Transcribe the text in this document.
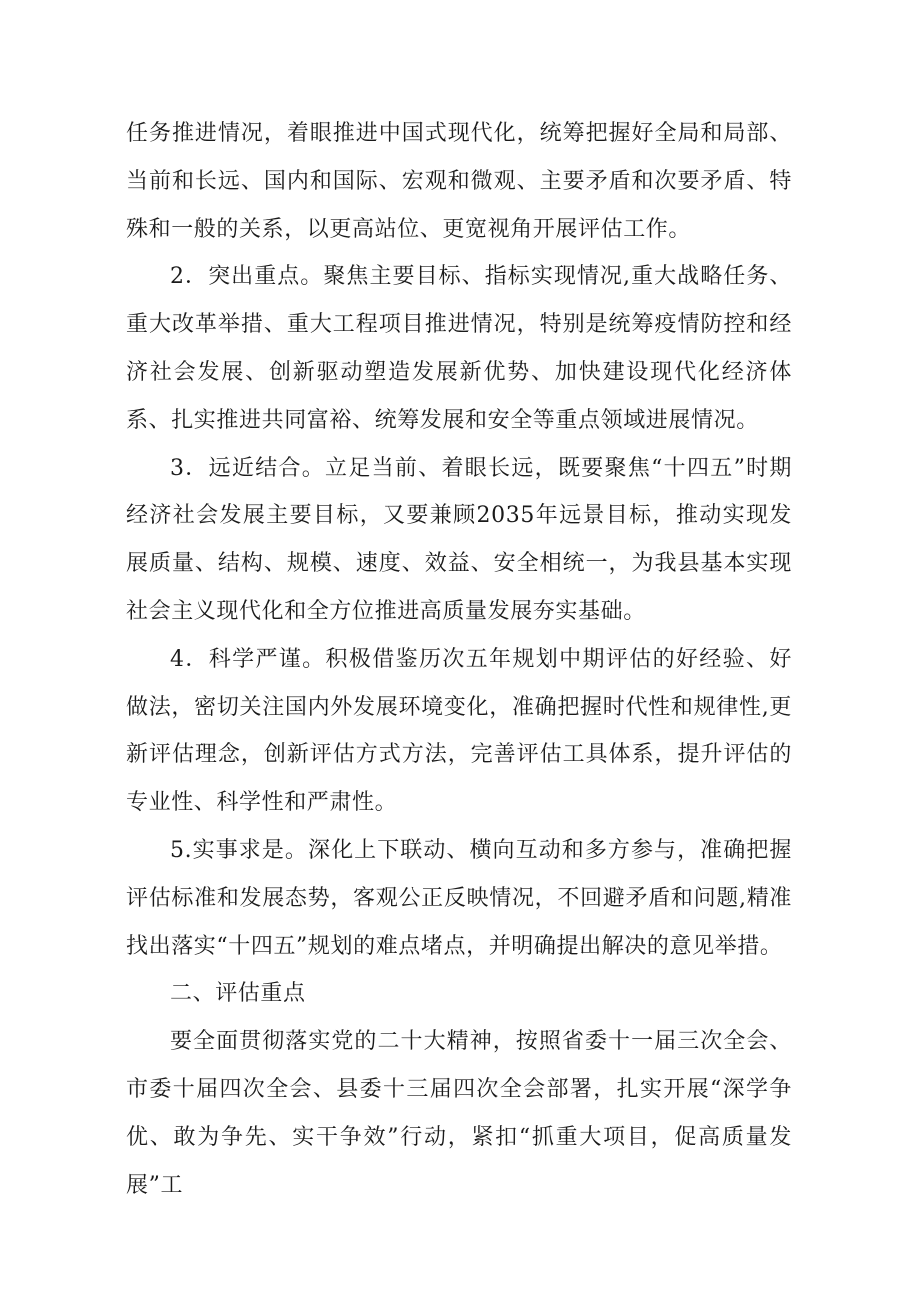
任务推进情况，着眼推进中国式现代化，统筹把握好全局和局部、当前和长远、国内和国际、宏观和微观、主要矛盾和次要矛盾、特殊和一般的关系，以更高站位、更宽视角开展评估工作。

2．突出重点。聚焦主要目标、指标实现情况,重大战略任务、重大改革举措、重大工程项目推进情况，特别是统筹疫情防控和经济社会发展、创新驱动塑造发展新优势、加快建设现代化经济体系、扎实推进共同富裕、统筹发展和安全等重点领域进展情况。

3．远近结合。立足当前、着眼长远，既要聚焦“十四五”时期经济社会发展主要目标，又要兼顾2035年远景目标，推动实现发展质量、结构、规模、速度、效益、安全相统一，为我县基本实现社会主义现代化和全方位推进高质量发展夯实基础。

4．科学严谨。积极借鉴历次五年规划中期评估的好经验、好做法，密切关注国内外发展环境变化，准确把握时代性和规律性,更新评估理念，创新评估方式方法，完善评估工具体系，提升评估的专业性、科学性和严肃性。

5.实事求是。深化上下联动、横向互动和多方参与，准确把握评估标准和发展态势，客观公正反映情况，不回避矛盾和问题,精准找出落实“十四五”规划的难点堵点，并明确提出解决的意见举措。

二、评估重点

要全面贯彻落实党的二十大精神，按照省委十一届三次全会、市委十届四次全会、县委十三届四次全会部署，扎实开展“深学争优、敢为争先、实干争效”行动，紧扣“抓重大项目，促高质量发展”工
